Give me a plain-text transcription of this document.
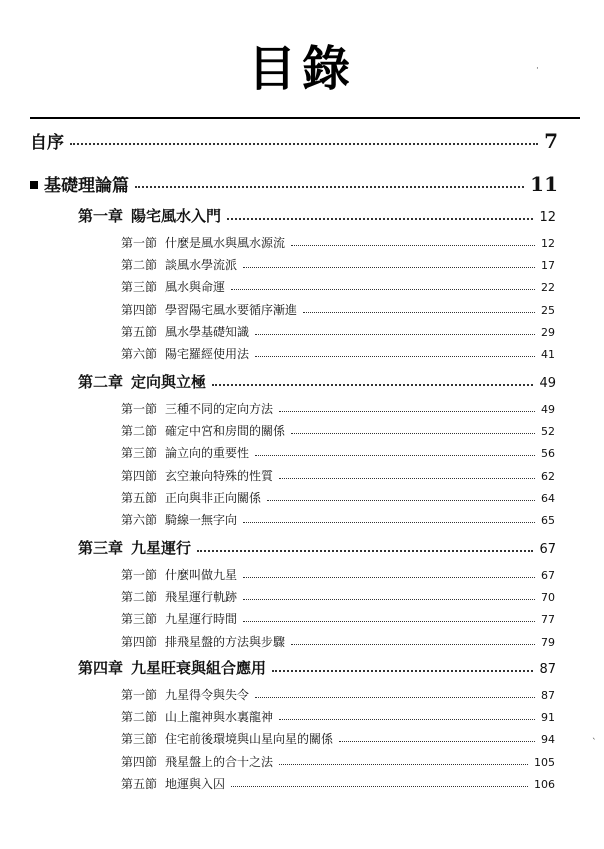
目錄
自序	7
基礎理論篇	11
第一章 陽宅風水入門	12
第一節 什麼是風水與風水源流	12
第二節 談風水學流派	17
第三節 風水與命運	22
第四節 學習陽宅風水要循序漸進	25
第五節 風水學基礎知識	29
第六節 陽宅羅經使用法	41
第二章 定向與立極	49
第一節 三種不同的定向方法	49
第二節 確定中宮和房間的關係	52
第三節 論立向的重要性	56
第四節 玄空兼向特殊的性質	62
第五節 正向與非正向關係	64
第六節 騎線一無字向	65
第三章 九星運行	67
第一節 什麼叫做九星	67
第二節 飛星運行軌跡	70
第三節 九星運行時間	77
第四節 排飛星盤的方法與步驟	79
第四章 九星旺衰與組合應用	87
第一節 九星得令與失令	87
第二節 山上龍神與水裏龍神	91
第三節 住宅前後環境與山星向星的關係	94
第四節 飛星盤上的合十之法	105
第五節 地運與入囚	106
·
ˋ
